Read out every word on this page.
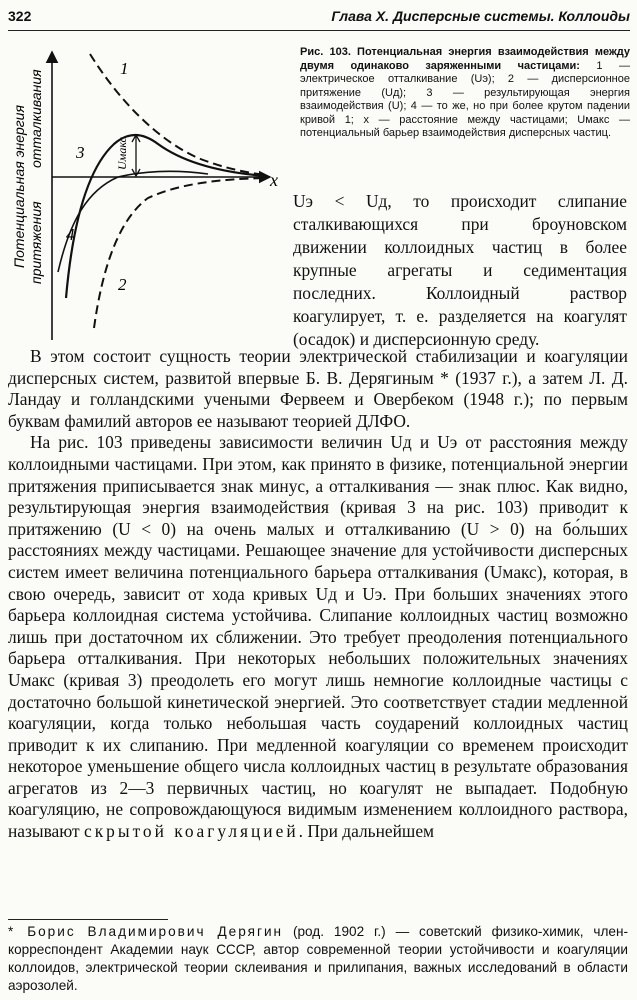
322	Глава X. Дисперсные системы. Коллоиды
Uмакс
1
2
3
4
x
Потенциальная энергия отталкивания
притяжения
Рис. 103. Потенциальная энергия взаимодействия между двумя одинаково заряженными частицами: 1 — электрическое отталкивание (Uэ); 2 — дисперсионное притяжение (Uд); 3 — результирующая энергия взаимодействия (U); 4 — то же, но при более крутом падении кривой 1; x — расстояние между частицами; Uмакс — потенциальный барьер взаимодействия дисперсных частиц.
Uэ < Uд, то происходит слипание сталкивающихся при броуновском движении коллоидных частиц в более крупные агрегаты и седиментация последних. Коллоидный раствор коагулирует, т. е. разделяется на коагулят (осадок) и дисперсионную среду.

В этом состоит сущность теории электрической стабилизации и коагуляции дисперсных систем, развитой впервые Б. В. Дерягиным * (1937 г.), а затем Л. Д. Ландау и голландскими учеными Фервеем и Овербеком (1948 г.); по первым буквам фамилий авторов ее называют теорией ДЛФО.

На рис. 103 приведены зависимости величин Uд и Uэ от расстояния между коллоидными частицами. При этом, как принято в физике, потенциальной энергии притяжения приписывается знак минус, а отталкивания — знак плюс. Как видно, результирующая энергия взаимодействия (кривая 3 на рис. 103) приводит к притяжению (U < 0) на очень малых и отталкиванию (U > 0) на бо́льших расстояниях между частицами. Решающее значение для устойчивости дисперсных систем имеет величина потенциального барьера отталкивания (Uмакс), которая, в свою очередь, зависит от хода кривых Uд и Uэ. При больших значениях этого барьера коллоидная система устойчива. Слипание коллоидных частиц возможно лишь при достаточном их сближении. Это требует преодоления потенциального барьера отталкивания. При некоторых небольших положительных значениях Uмакс (кривая 3) преодолеть его могут лишь немногие коллоидные частицы с достаточно большой кинетической энергией. Это соответствует стадии медленной коагуляции, когда только небольшая часть соударений коллоидных частиц приводит к их слипанию. При медленной коагуляции со временем происходит некоторое уменьшение общего числа коллоидных частиц в результате образования агрегатов из 2—3 первичных частиц, но коагулят не выпадает. Подобную коагуляцию, не сопровождающуюся видимым изменением коллоидного раствора, называют скрытой коагуляцией. При дальнейшем

* Борис Владимирович Дерягин (род. 1902 г.) — советский физико-химик, член-корреспондент Академии наук СССР, автор современной теории устойчивости и коагуляции коллоидов, электрической теории склеивания и прилипания, важных исследований в области аэрозолей.
